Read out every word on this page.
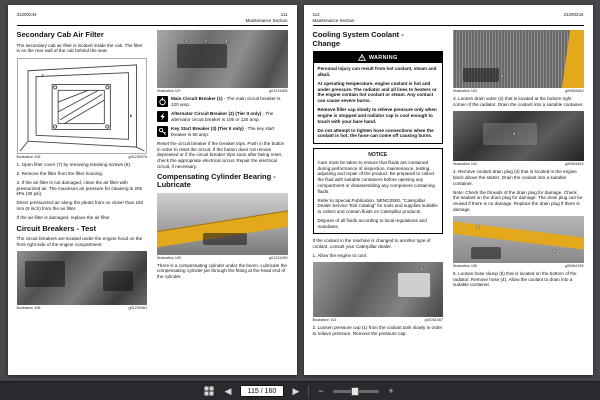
31200244	111
Maintenance Section
Secondary Cab Air Filter

The secondary cab air filter is located inside the cab. The filter is on the rear wall of the cab behind the seat.

7
6
Illustration 106	g01230976

1. Open filter cover (7) by removing retaining screws (6).

2. Remove the filter from the filter housing.

3. If the air filter is not damaged, clean the air filter with pressurized air. The maximum air pressure for cleaning is 205 kPa (30 psi).

Direct pressurized air along the pleats from no closer than 160 mm (6 inch) from the air filter.

If the air filter is damaged, replace the air filter.

Circuit Breakers - Test

The circuit breakers are located under the engine hood on the front right side of the engine compartment.

Illustration 108	g01230981
1	2	3
Illustration 107	g01231065
Main Circuit Breaker (1) - The main circuit breaker is 120 amp.
Alternator Circuit Breaker (2) (Tier II only) - The alternator circuit breaker is 105 or 120 amp.
Key Start Breaker (3) (Tier II only) - The key start breaker is 60 amp.

Reset the circuit breaker if the breaker trips. Push in the button in order to reset the circuit. If the button does not remain depressed or if the circuit breaker trips soon after being reset, check the appropriate electrical circuit. Repair the electrical circuit, if necessary.

Compensating Cylinder Bearing - Lubricate
Illustration 109	g01231090

There is a compensating cylinder under the boom. Lubricate the compensating cylinder pin through the fitting at the head end of the cylinder.

112
Maintenance Section
31200244
Cooling System Coolant -
Change
WARNING

Personal injury can result from hot coolant, steam and alkali.

At operating temperature, engine coolant is hot and under pressure. The radiator and all lines to heaters or the engine contain hot coolant or steam. Any contact can cause severe burns.

Remove filler cap slowly to relieve pressure only when engine is stopped and radiator cap is cool enough to touch with your bare hand.

Do not attempt to tighten hose connections when the coolant is hot, the hose can come off causing burns.

NOTICE

Care must be taken to ensure that fluids are contained during performance of inspection, maintenance, testing, adjusting and repair of the product. Be prepared to collect the fluid with suitable containers before opening any compartment or disassembling any component containing fluids.

Refer to Special Publication, NENG2500, "Caterpillar Dealer Service Tool Catalog" for tools and supplies suitable to collect and contain fluids on Caterpillar products.

Dispose of all fluids according to local regulations and mandates.

If the coolant in the machine is changed to another type of coolant, consult your Caterpillar dealer.

1. Allow the engine to cool.

1
Illustration 102	g01061087

2. Loosen pressure cap (1) from the coolant tank slowly in order to relieve pressure. Remove the pressure cap.

2
Illustration 103	g00984460

3. Loosen drain valve (2) that is located at the bottom right corner of the radiator. Drain the coolant into a suitable container.

3
Illustration 104	g00984463

4. Remove coolant drain plug (3) that is located in the engine block above the starter. Drain the coolant into a suitable container.

Note: Check the threads of the drain plug for damage. Check the sealant on the drain plug for damage. The drain plug can be reused if there is no damage. Replace the drain plug if there is damage.

5
4
Illustration 105	g00984765

5. Loosen hose clamp (5) that is located on the bottom of the radiator. Remove hose (4). Allow the coolant to drain into a suitable container.

◀
115 / 160	▶	−	+
